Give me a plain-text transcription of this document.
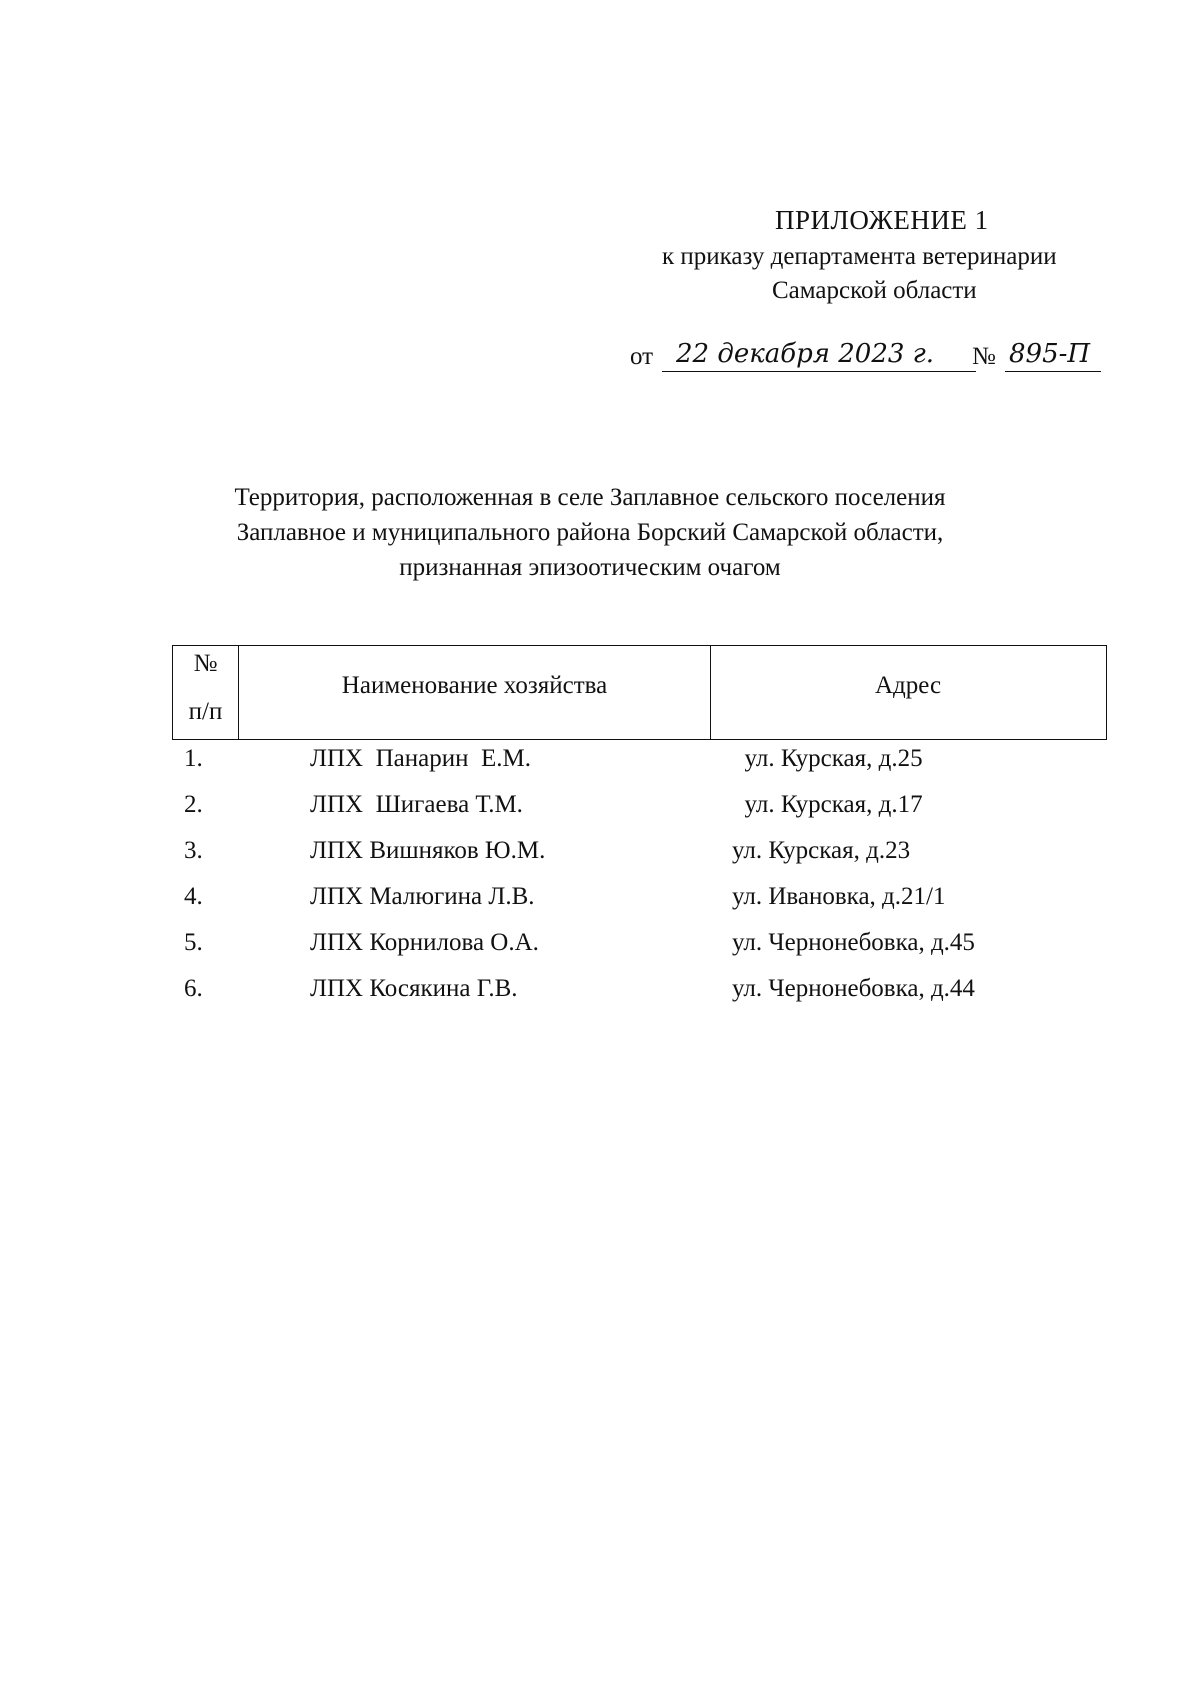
ПРИЛОЖЕНИЕ 1
к приказу департамента ветеринарии
Самарской области
от 22 декабря 2023 г.	№ 895-П
Территория, расположенная в селе Заплавное сельского поселения
Заплавное и муниципального района Борский Самарской области,
признанная эпизоотическим очагом
№
п/п
Наименование хозяйства	Адрес
1.	ЛПХ  Панарин  Е.М.	ул. Курская, д.25
2.	ЛПХ  Шигаева Т.М.	ул. Курская, д.17
3.	ЛПХ Вишняков Ю.М.	ул. Курская, д.23
4.	ЛПХ Малюгина Л.В.	ул. Ивановка, д.21/1
5.	ЛПХ Корнилова О.А.	ул. Чернонебовка, д.45
6.	ЛПХ Косякина Г.В.	ул. Чернонебовка, д.44
